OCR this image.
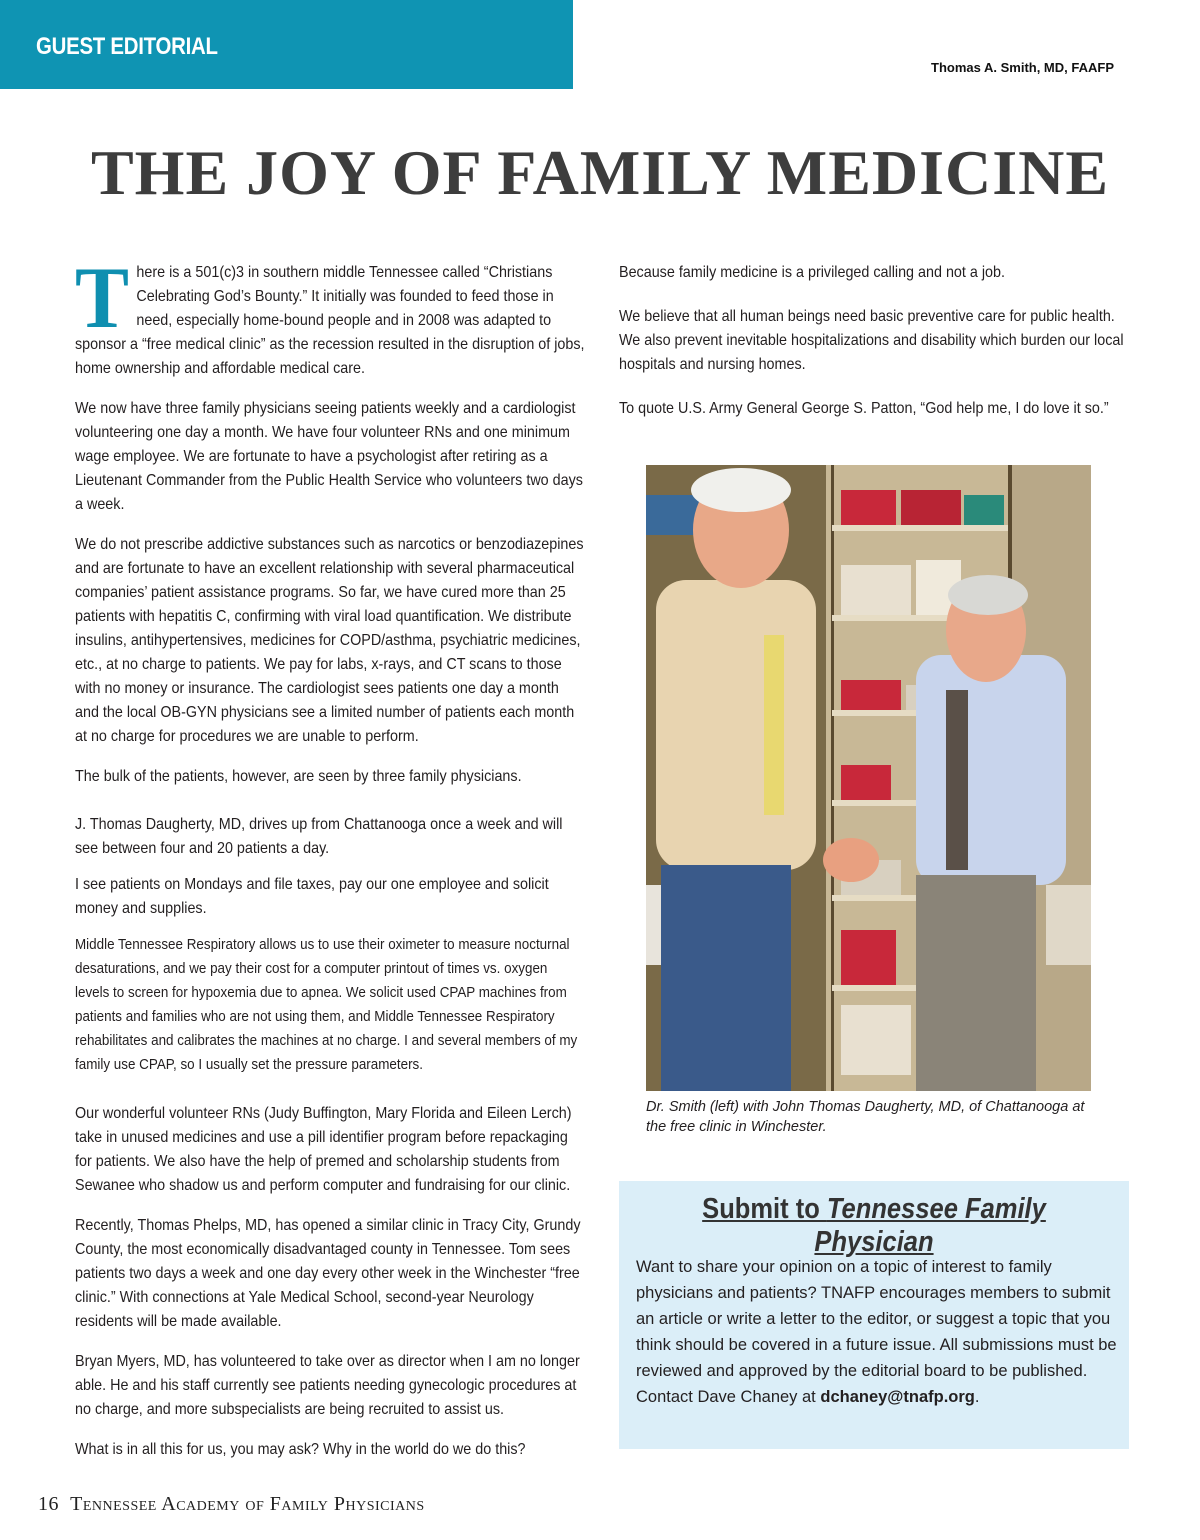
GUEST EDITORIAL
Thomas A. Smith, MD, FAAFP
THE JOY OF FAMILY MEDICINE

There is a 501(c)3 in southern middle Tennessee called “Christians Celebrating God’s Bounty.” It initially was founded to feed those in need, especially home-bound people and in 2008 was adapted to sponsor a “free medical clinic” as the recession resulted in the disruption of jobs, home ownership and affordable medical care.

We now have three family physicians seeing patients weekly and a cardiologist volunteering one day a month. We have four volunteer RNs and one minimum wage employee. We are fortunate to have a psychologist after retiring as a Lieutenant Commander from the Public Health Service who volunteers two days a week.

We do not prescribe addictive substances such as narcotics or benzodiazepines and are fortunate to have an excellent relationship with several pharmaceutical companies’ patient assistance programs. So far, we have cured more than 25 patients with hepatitis C, confirming with viral load quantification. We distribute insulins, antihypertensives, medicines for COPD/asthma, psychiatric medicines, etc., at no charge to patients. We pay for labs, x-rays, and CT scans to those with no money or insurance. The cardiologist sees patients one day a month and the local OB-GYN physicians see a limited number of patients each month at no charge for procedures we are unable to perform.

The bulk of the patients, however, are seen by three family physicians.

J. Thomas Daugherty, MD, drives up from Chattanooga once a week and will see between four and 20 patients a day.

I see patients on Mondays and file taxes, pay our one employee and solicit money and supplies.

Middle Tennessee Respiratory allows us to use their oximeter to measure nocturnal desaturations, and we pay their cost for a computer printout of times vs. oxygen levels to screen for hypoxemia due to apnea. We solicit used CPAP machines from patients and families who are not using them, and Middle Tennessee Respiratory rehabilitates and calibrates the machines at no charge. I and several members of my family use CPAP, so I usually set the pressure parameters.

Our wonderful volunteer RNs (Judy Buffington, Mary Florida and Eileen Lerch) take in unused medicines and use a pill identifier program before repackaging for patients. We also have the help of premed and scholarship students from Sewanee who shadow us and perform computer and fundraising for our clinic.

Recently, Thomas Phelps, MD, has opened a similar clinic in Tracy City, Grundy County, the most economically disadvantaged county in Tennessee. Tom sees patients two days a week and one day every other week in the Winchester “free clinic.” With connections at Yale Medical School, second-year Neurology residents will be made available.

Bryan Myers, MD, has volunteered to take over as director when I am no longer able. He and his staff currently see patients needing gynecologic procedures at no charge, and more subspecialists are being recruited to assist us.

What is in all this for us, you may ask? Why in the world do we do this?

Because family medicine is a privileged calling and not a job.

We believe that all human beings need basic preventive care for public health. We also prevent inevitable hospitalizations and disability which burden our local hospitals and nursing homes.

To quote U.S. Army General George S. Patton, “God help me, I do love it so.”

Dr. Smith (left) with John Thomas Daugherty, MD, of Chattanooga at the free clinic in Winchester.
Submit to Tennessee Family Physician
Want to share your opinion on a topic of interest to family physicians and patients? TNAFP encourages members to submit an article or write a letter to the editor, or suggest a topic that you think should be covered in a future issue. All submissions must be reviewed and approved by the editorial board to be published. Contact Dave Chaney at dchaney@tnafp.org.
16 Tennessee Academy of Family Physicians
